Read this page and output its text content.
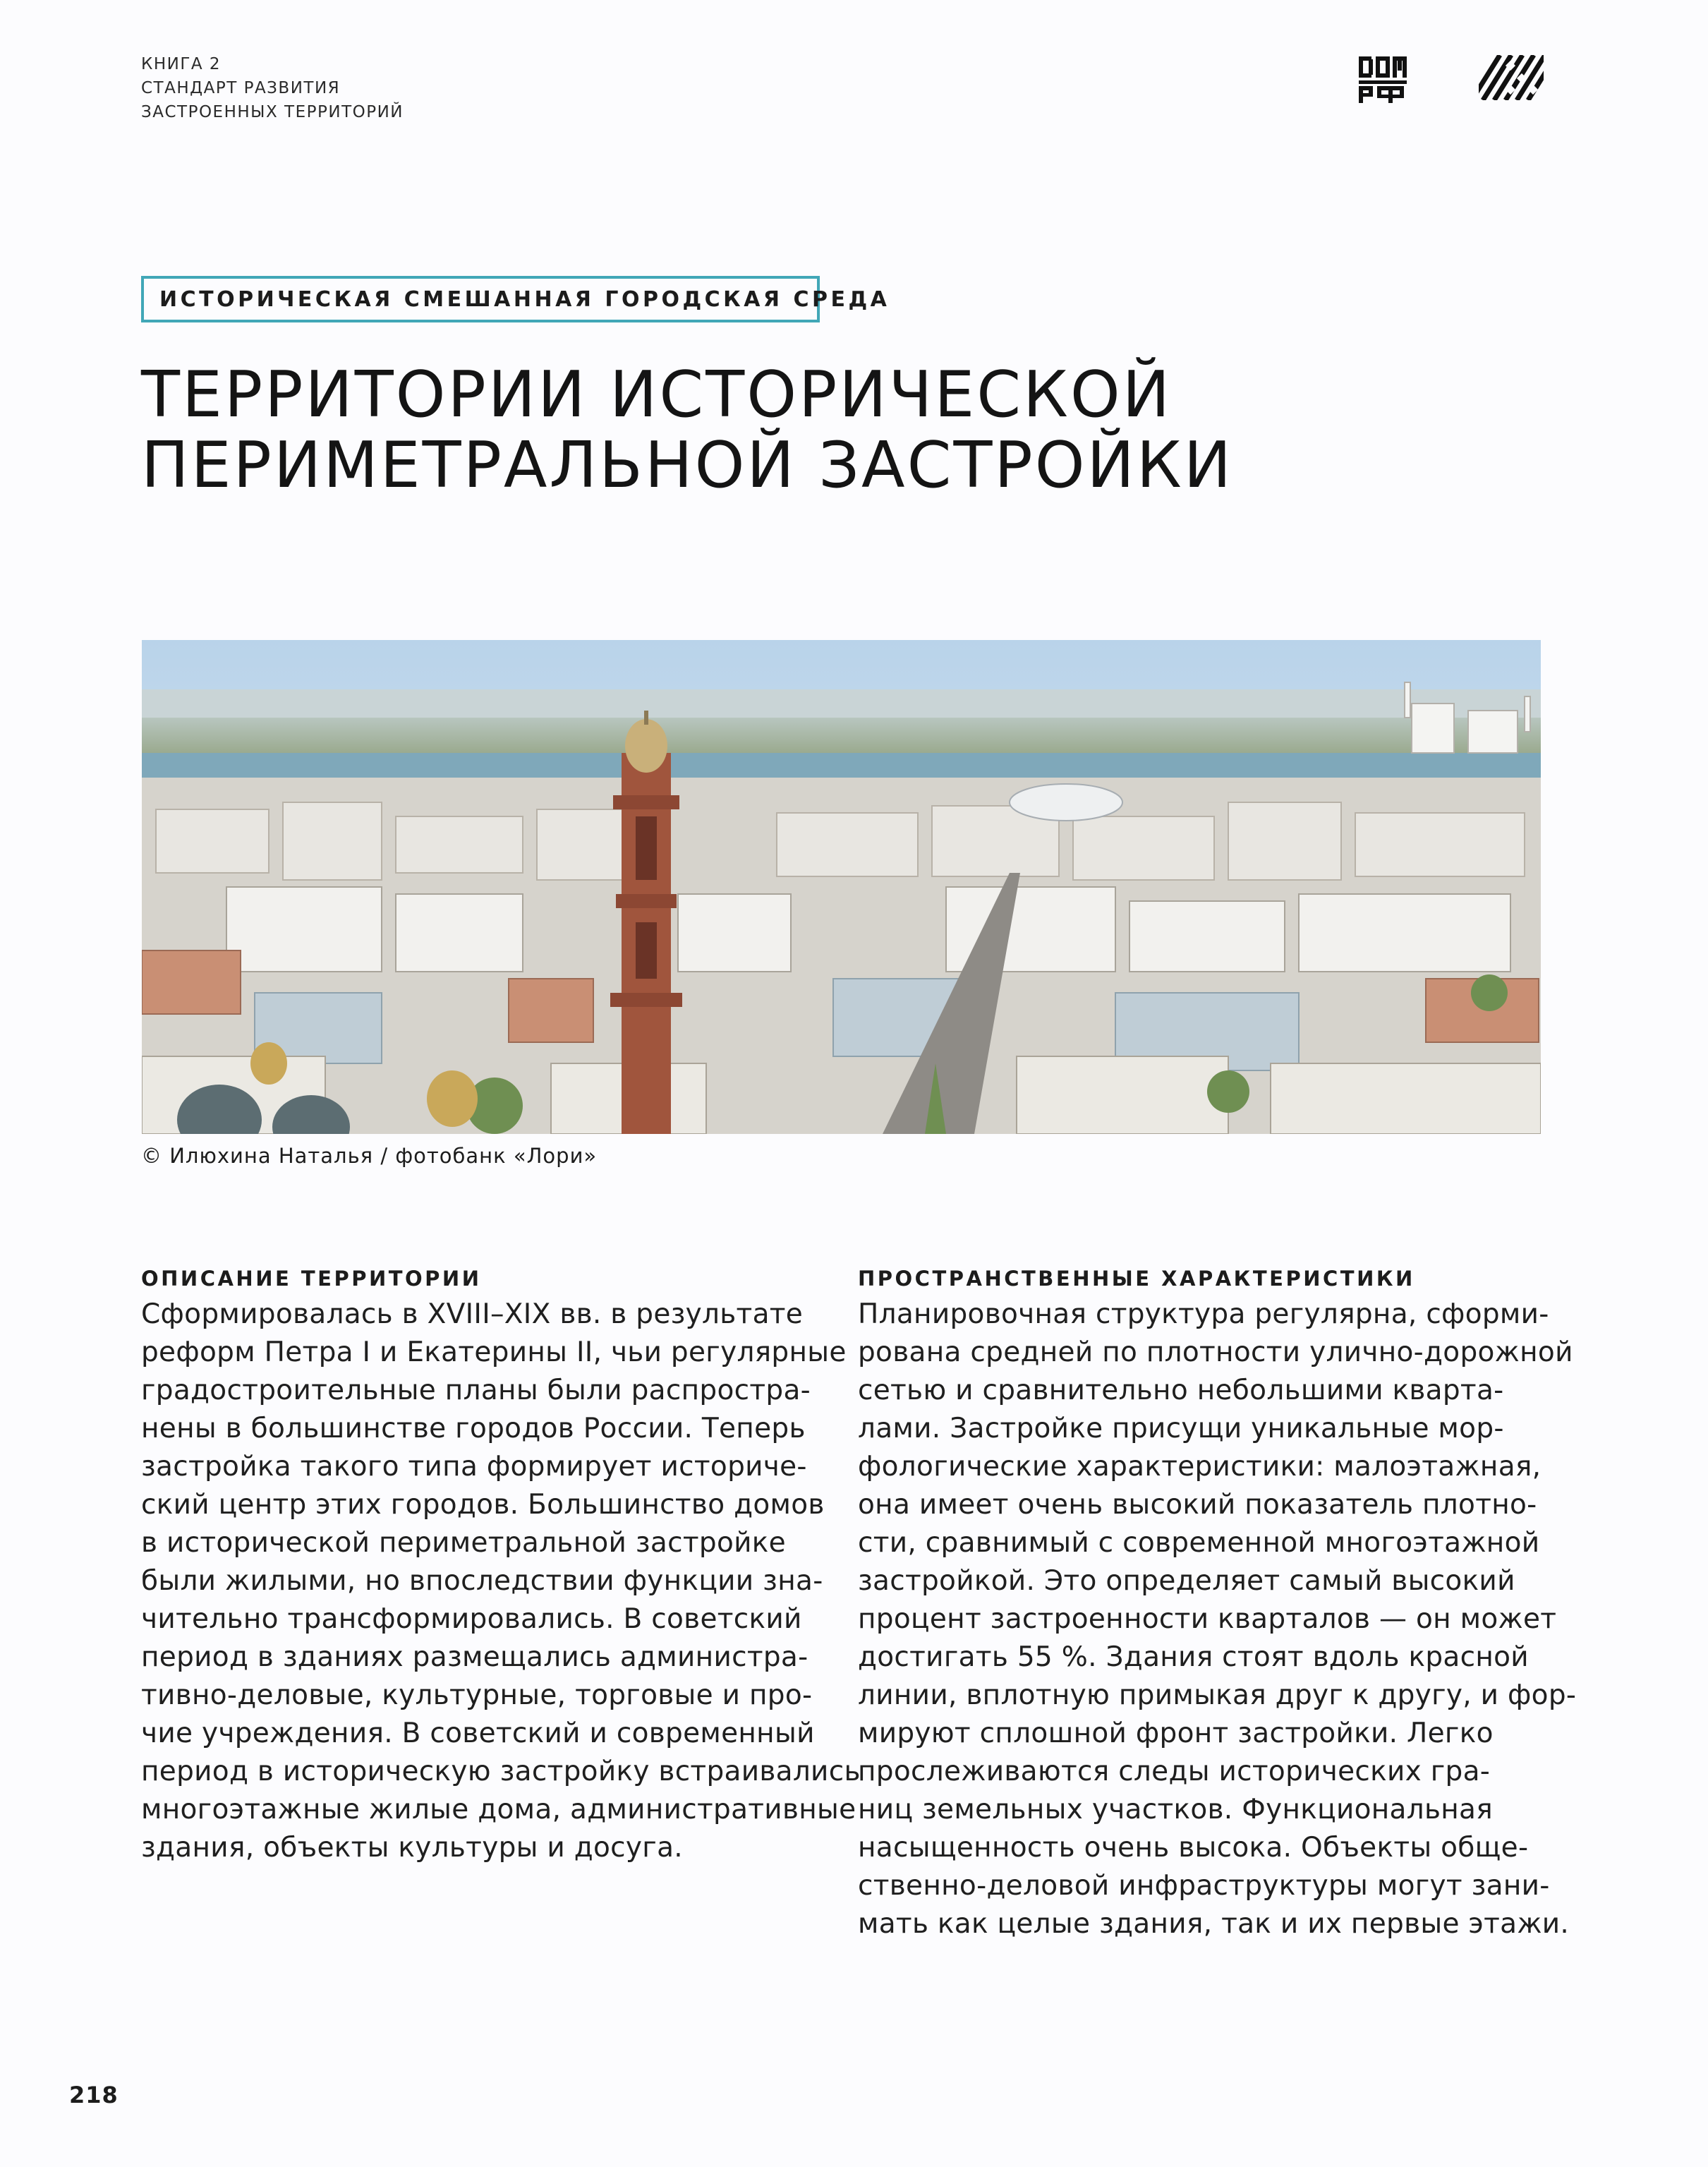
КНИГА 2
СТАНДАРТ РАЗВИТИЯ
ЗАСТРОЕННЫХ ТЕРРИТОРИЙ
ИСТОРИЧЕСКАЯ СМЕШАННАЯ ГОРОДСКАЯ СРЕДА
ТЕРРИТОРИИ ИСТОРИЧЕСКОЙ
ПЕРИМЕТРАЛЬНОЙ ЗАСТРОЙКИ
© Илюхина Наталья / фотобанк «Лори»
ОПИСАНИЕ ТЕРРИТОРИИ
Сформировалась в XVIII–XIX вв. в результате
реформ Петра I и Екатерины II, чьи регулярные
градостроительные планы были распростра-
нены в большинстве городов России. Теперь
застройка такого типа формирует историче-
ский центр этих городов. Большинство домов
в исторической периметральной застройке
были жилыми, но впоследствии функции зна-
чительно трансформировались. В советский
период в зданиях размещались администра-
тивно-деловые, культурные, торговые и про-
чие учреждения. В советский и современный
период в историческую застройку встраивались
многоэтажные жилые дома, административные
здания, объекты культуры и досуга.
ПРОСТРАНСТВЕННЫЕ ХАРАКТЕРИСТИКИ
Планировочная структура регулярна, сформи-
рована средней по плотности улично-дорожной
сетью и сравнительно небольшими кварта-
лами. Застройке присущи уникальные мор-
фологические характеристики: малоэтажная,
она имеет очень высокий показатель плотно-
сти, сравнимый с современной многоэтажной
застройкой. Это определяет самый высокий
процент застроенности кварталов — он может
достигать 55 %. Здания стоят вдоль красной
линии, вплотную примыкая друг к другу, и фор-
мируют сплошной фронт застройки. Легко
прослеживаются следы исторических гра-
ниц земельных участков. Функциональная
насыщенность очень высока. Объекты обще-
ственно-деловой инфраструктуры могут зани-
мать как целые здания, так и их первые этажи.
218
